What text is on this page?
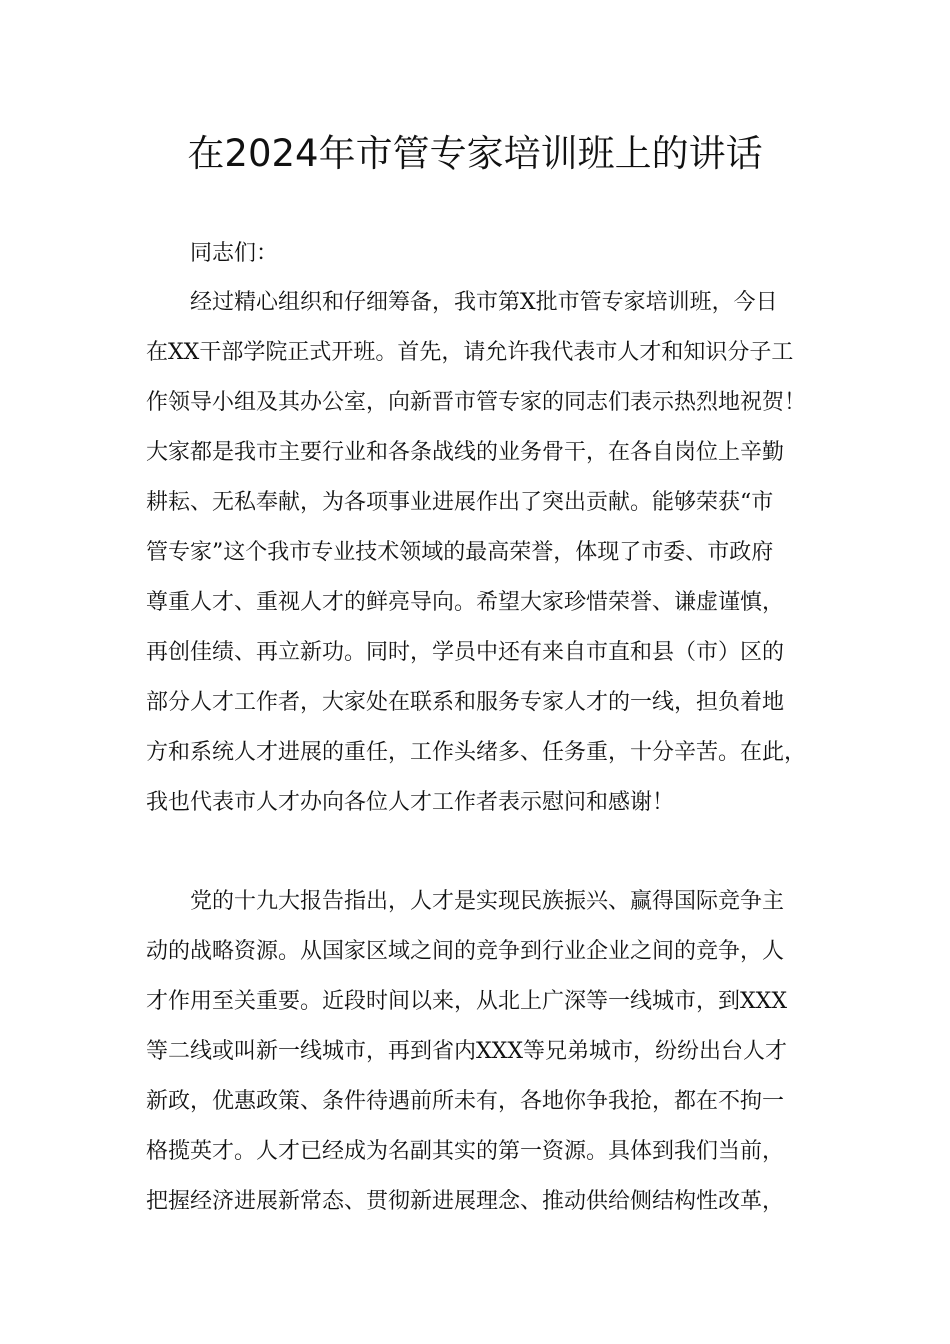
在2024年市管专家培训班上的讲话
同志们：
经过精心组织和仔细筹备，我市第X批市管专家培训班，今日
在XX干部学院正式开班。首先，请允许我代表市人才和知识分子工
作领导小组及其办公室，向新晋市管专家的同志们表示热烈地祝贺！
大家都是我市主要行业和各条战线的业务骨干，在各自岗位上辛勤
耕耘、无私奉献，为各项事业进展作出了突出贡献。能够荣获“市
管专家”这个我市专业技术领域的最高荣誉，体现了市委、市政府
尊重人才、重视人才的鲜亮导向。希望大家珍惜荣誉、谦虚谨慎，
再创佳绩、再立新功。同时，学员中还有来自市直和县（市）区的
部分人才工作者，大家处在联系和服务专家人才的一线，担负着地
方和系统人才进展的重任，工作头绪多、任务重，十分辛苦。在此，
我也代表市人才办向各位人才工作者表示慰问和感谢！
党的十九大报告指出，人才是实现民族振兴、赢得国际竞争主
动的战略资源。从国家区域之间的竞争到行业企业之间的竞争，人
才作用至关重要。近段时间以来，从北上广深等一线城市，到XXX
等二线或叫新一线城市，再到省内XXX等兄弟城市，纷纷出台人才
新政，优惠政策、条件待遇前所未有，各地你争我抢，都在不拘一
格揽英才。人才已经成为名副其实的第一资源。具体到我们当前，
把握经济进展新常态、贯彻新进展理念、推动供给侧结构性改革，
